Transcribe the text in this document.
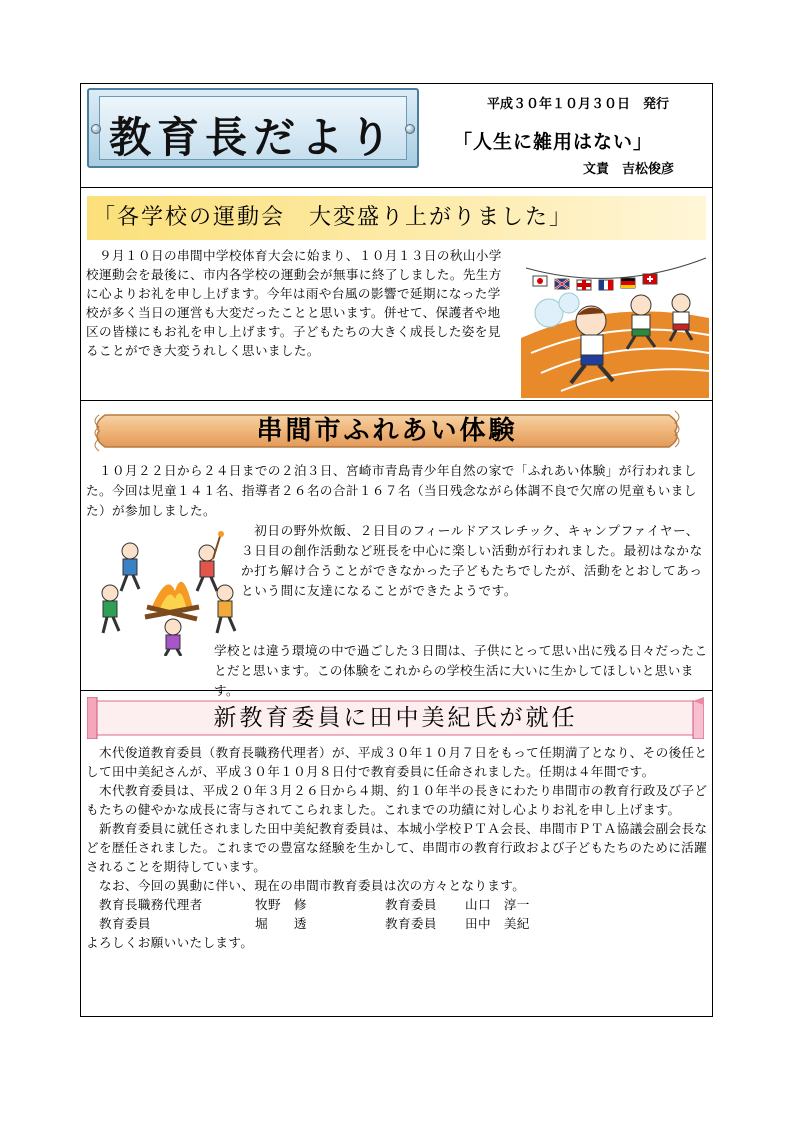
教育長だより
平成３０年１０月３０日　発行
「人生に雑用はない」
文責　吉松俊彦
「各学校の運動会　大変盛り上がりました」
　９月１０日の串間中学校体育大会に始まり、１０月１３日の秋山小学校運動会を最後に、市内各学校の運動会が無事に終了しました。先生方に心よりお礼を申し上げます。今年は雨や台風の影響で延期になった学校が多く当日の運営も大変だったことと思います。併せて、保護者や地区の皆様にもお礼を申し上げます。子どもたちの大きく成長した姿を見ることができ大変うれしく思いました。
串間市ふれあい体験
　１０月２２日から２４日までの２泊３日、宮崎市青島青少年自然の家で「ふれあい体験」が行われました。今回は児童１４１名、指導者２６名の合計１６７名（当日残念ながら体調不良で欠席の児童もいました）が参加しました。
　初日の野外炊飯、２日目のフィールドアスレチック、キャンプファイヤー、３日目の創作活動など班長を中心に楽しい活動が行われました。最初はなかなか打ち解け合うことができなかった子どもたちでしたが、活動をとおしてあっという間に友達になることができたようです。
学校とは違う環境の中で過ごした３日間は、子供にとって思い出に残る日々だったことだと思います。この体験をこれからの学校生活に大いに生かしてほしいと思います。
新教育委員に田中美紀氏が就任

木代俊道教育委員（教育長職務代理者）が、平成３０年１０月７日をもって任期満了となり、その後任として田中美紀さんが、平成３０年１０月８日付で教育委員に任命されました。任期は４年間です。

木代教育委員は、平成２０年３月２６日から４期、約１０年半の長きにわたり串間市の教育行政及び子どもたちの健やかな成長に寄与されてこられました。これまでの功績に対し心よりお礼を申し上げます。

新教育委員に就任されました田中美紀教育委員は、本城小学校ＰＴＡ会長、串間市ＰＴＡ協議会副会長などを歴任されました。これまでの豊富な経験を生かして、串間市の教育行政および子どもたちのために活躍されることを期待しています。

なお、今回の異動に伴い、現在の串間市教育委員は次の方々となります。

教育長職務代理者	牧野　修	教育委員	山口　淳一
教育委員	堀　　透	教育委員	田中　美紀

よろしくお願いいたします。
